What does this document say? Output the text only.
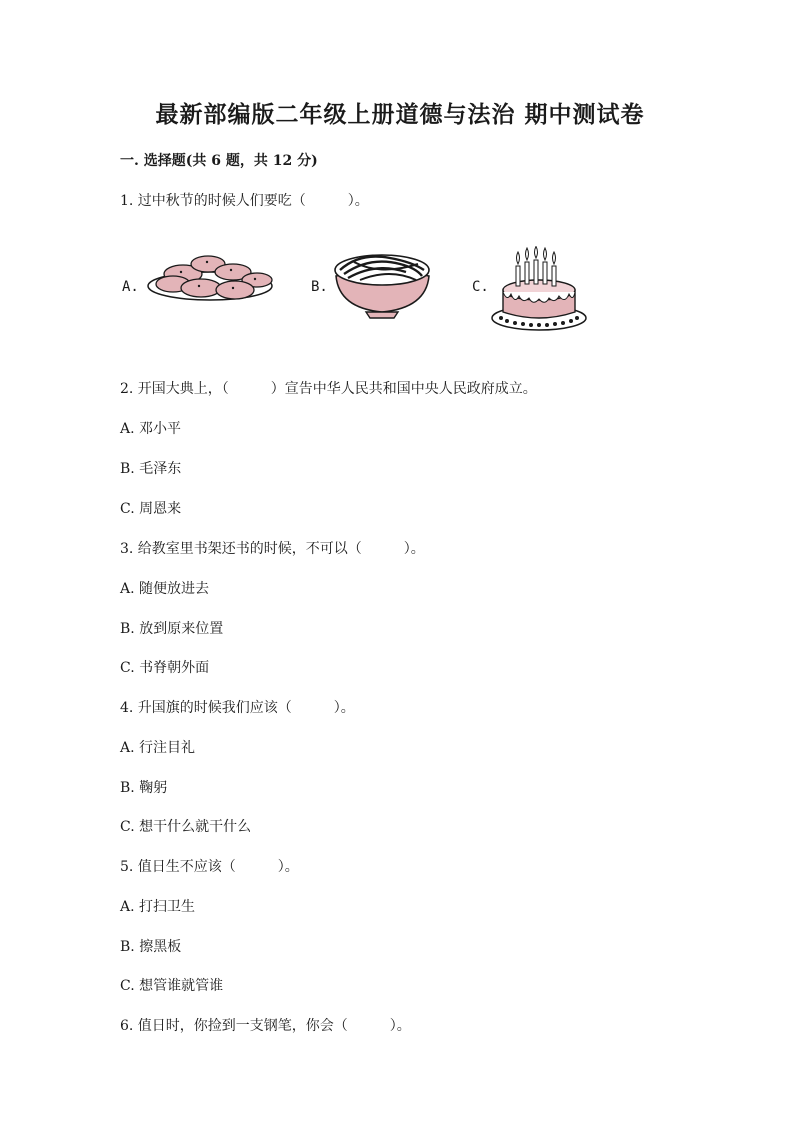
最新部编版二年级上册道德与法治 期中测试卷
一. 选择题(共 6 题，共 12 分)
1. 过中秋节的时候人们要吃（　　　）。
A.	B.	C.
2. 开国大典上，（　　　）宣告中华人民共和国中央人民政府成立。
A. 邓小平
B. 毛泽东
C. 周恩来
3. 给教室里书架还书的时候，不可以（　　　）。
A. 随便放进去
B. 放到原来位置
C. 书脊朝外面
4. 升国旗的时候我们应该（　　　）。
A. 行注目礼
B. 鞠躬
C. 想干什么就干什么
5. 值日生不应该（　　　）。
A. 打扫卫生
B. 擦黑板
C. 想管谁就管谁
6. 值日时，你捡到一支钢笔，你会（　　　）。
